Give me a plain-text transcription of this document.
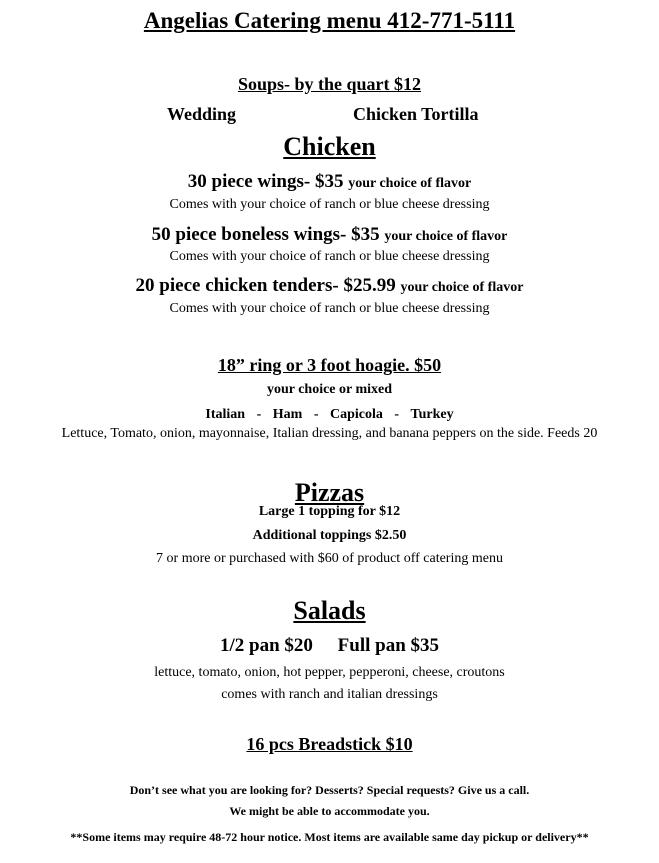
Angelias Catering menu 412-771-5111
Soups- by the quart $12
Wedding	Chicken Tortilla
Chicken
30 piece wings- $35 your choice of flavor
Comes with your choice of ranch or blue cheese dressing
50 piece boneless wings- $35 your choice of flavor
Comes with your choice of ranch or blue cheese dressing
20 piece chicken tenders- $25.99 your choice of flavor
Comes with your choice of ranch or blue cheese dressing
18” ring or 3 foot hoagie. $50
your choice or mixed
Italian - Ham - Capicola - Turkey
Lettuce, Tomato, onion, mayonnaise, Italian dressing, and banana peppers on the side. Feeds 20
Pizzas
Large 1 topping for $12
Additional toppings $2.50
7 or more or purchased with $60 of product off catering menu
Salads
1/2 pan $20 Full pan $35
lettuce, tomato, onion, hot pepper, pepperoni, cheese, croutons
comes with ranch and italian dressings
16 pcs Breadstick $10
Don’t see what you are looking for? Desserts? Special requests? Give us a call.
We might be able to accommodate you.
**Some items may require 48-72 hour notice. Most items are available same day pickup or delivery**
